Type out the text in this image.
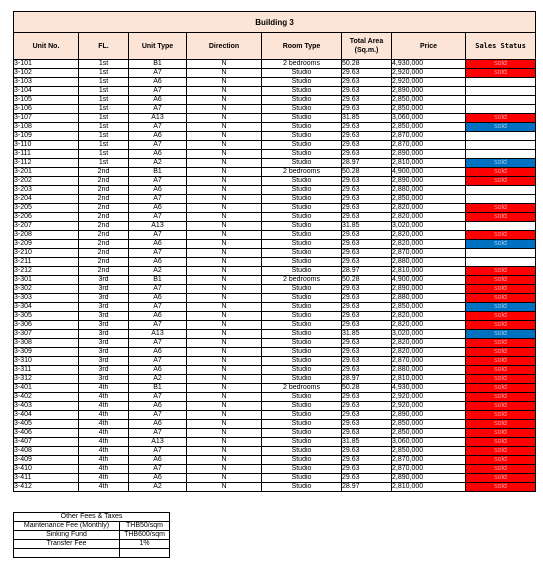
Building 3							
Unit No.	FL.	Unit Type	Direction	Room Type	Total Area (Sq.m.)	Price	Sales Status
3-101	1st	B1	N	2 bedrooms	50.28	4,930,000	sold
3-102	1st	A7	N	Studio	29.63	2,920,000	sold
3-103	1st	A6	N	Studio	29.63	2,920,000	
3-104	1st	A7	N	Studio	29.63	2,890,000	
3-105	1st	A6	N	Studio	29.63	2,850,000	
3-106	1st	A7	N	Studio	29.63	2,850,000	
3-107	1st	A13	N	Studio	31.85	3,060,000	sold
3-108	1st	A7	N	Studio	29.63	2,850,000	sold
3-109	1st	A6	N	Studio	29.63	2,870,000	
3-110	1st	A7	N	Studio	29.63	2,870,000	
3-111	1st	A6	N	Studio	29.63	2,890,000	
3-112	1st	A2	N	Studio	28.97	2,810,000	sold
3-201	2nd	B1	N	2 bedrooms	50.28	4,900,000	sold
3-202	2nd	A7	N	Studio	29.63	2,890,000	sold
3-203	2nd	A6	N	Studio	29.63	2,880,000	
3-204	2nd	A7	N	Studio	29.63	2,850,000	
3-205	2nd	A6	N	Studio	29.63	2,820,000	sold
3-206	2nd	A7	N	Studio	29.63	2,820,000	sold
3-207	2nd	A13	N	Studio	31.85	3,020,000	
3-208	2nd	A7	N	Studio	29.63	2,820,000	sold
3-209	2nd	A6	N	Studio	29.63	2,820,000	sold
3-210	2nd	A7	N	Studio	29.63	2,870,000	
3-211	2nd	A6	N	Studio	29.63	2,880,000	
3-212	2nd	A2	N	Studio	28.97	2,810,000	sold
3-301	3rd	B1	N	2 bedrooms	50.28	4,900,000	sold
3-302	3rd	A7	N	Studio	29.63	2,890,000	sold
3-303	3rd	A6	N	Studio	29.63	2,880,000	sold
3-304	3rd	A7	N	Studio	29.63	2,850,000	sold
3-305	3rd	A6	N	Studio	29.63	2,820,000	sold
3-306	3rd	A7	N	Studio	29.63	2,820,000	sold
3-307	3rd	A13	N	Studio	31.85	3,020,000	sold
3-308	3rd	A7	N	Studio	29.63	2,820,000	sold
3-309	3rd	A6	N	Studio	29.63	2,820,000	sold
3-310	3rd	A7	N	Studio	29.63	2,870,000	sold
3-311	3rd	A6	N	Studio	29.63	2,880,000	sold
3-312	3rd	A2	N	Studio	28.97	2,810,000	sold
3-401	4th	B1	N	2 bedrooms	50.28	4,930,000	sold
3-402	4th	A7	N	Studio	29.63	2,920,000	sold
3-403	4th	A6	N	Studio	29.63	2,920,000	sold
3-404	4th	A7	N	Studio	29.63	2,890,000	sold
3-405	4th	A6	N	Studio	29.63	2,850,000	sold
3-406	4th	A7	N	Studio	29.63	2,850,000	sold
3-407	4th	A13	N	Studio	31.85	3,060,000	sold
3-408	4th	A7	N	Studio	29.63	2,850,000	sold
3-409	4th	A6	N	Studio	29.63	2,870,000	sold
3-410	4th	A7	N	Studio	29.63	2,870,000	sold
3-411	4th	A6	N	Studio	29.63	2,890,000	sold
3-412	4th	A2	N	Studio	28.97	2,810,000	sold
Other Fees & Taxes	
Maintenance Fee (Monthly)	THB50/sqm
Sinking Fund	THB600/sqm
Transfer Fee	1%
